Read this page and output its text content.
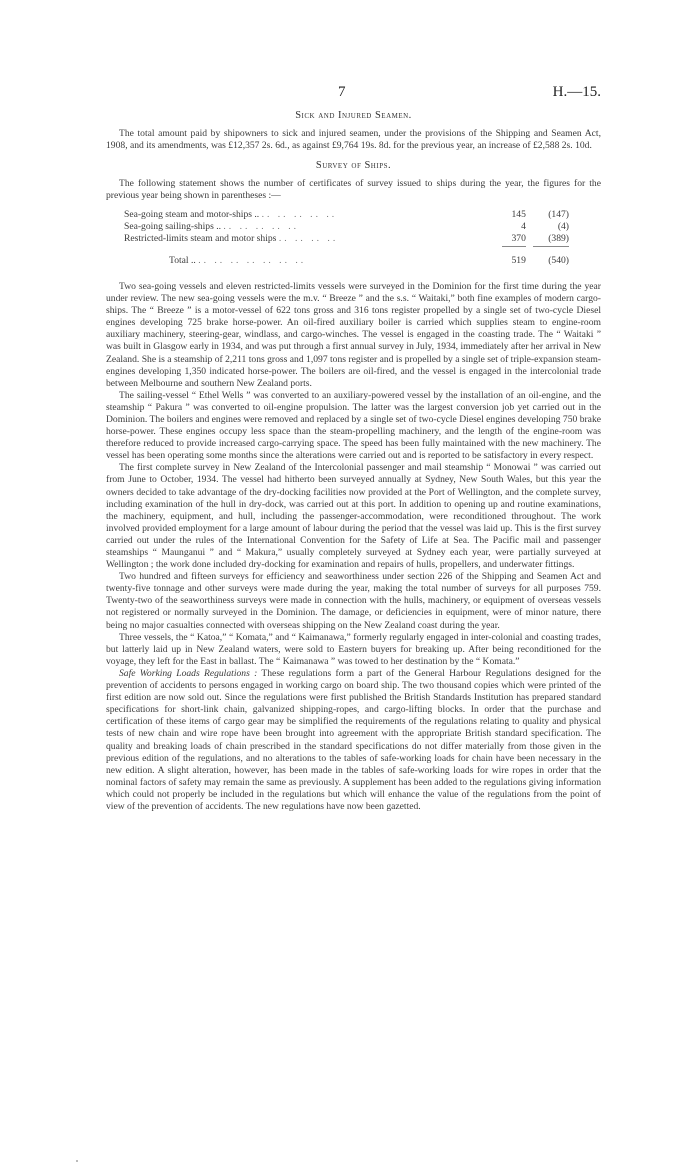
7	H.—15.
Sick and Injured Seamen.

The total amount paid by shipowners to sick and injured seamen, under the provisions of the Shipping and Seamen Act, 1908, and its amendments, was £12,357 2s. 6d., as against £9,764 19s. 8d. for the previous year, an increase of £2,588 2s. 10d.

Survey of Ships.

The following statement shows the number of certificates of survey issued to ships during the year, the figures for the previous year being shown in parentheses :—

Sea-going steam and motor-ships .. .. .. .. .. ..	145	(147)
Sea-going sailing-ships .. .. .. .. .. ..	4	(4)
Restricted-limits steam and motor ships .. .. .. ..	370	(389)

Total .. .. .. .. .. .. .. ..	519	(540)

Two sea-going vessels and eleven restricted-limits vessels were surveyed in the Dominion for the first time during the year under review. The new sea-going vessels were the m.v. “ Breeze ” and the s.s. “ Waitaki,” both fine examples of modern cargo-ships. The “ Breeze ” is a motor-vessel of 622 tons gross and 316 tons register propelled by a single set of two-cycle Diesel engines developing 725 brake horse-power. An oil-fired auxiliary boiler is carried which supplies steam to engine-room auxiliary machinery, steering-gear, windlass, and cargo-winches. The vessel is engaged in the coasting trade. The “ Waitaki ” was built in Glasgow early in 1934, and was put through a first annual survey in July, 1934, immediately after her arrival in New Zealand. She is a steamship of 2,211 tons gross and 1,097 tons register and is propelled by a single set of triple-expansion steam-engines developing 1,350 indicated horse-power. The boilers are oil-fired, and the vessel is engaged in the intercolonial trade between Melbourne and southern New Zealand ports.

The sailing-vessel “ Ethel Wells ” was converted to an auxiliary-powered vessel by the installation of an oil-engine, and the steamship “ Pakura ” was converted to oil-engine propulsion. The latter was the largest conversion job yet carried out in the Dominion. The boilers and engines were removed and replaced by a single set of two-cycle Diesel engines developing 750 brake horse-power. These engines occupy less space than the steam-propelling machinery, and the length of the engine-room was therefore reduced to provide increased cargo-carrying space. The speed has been fully maintained with the new machinery. The vessel has been operating some months since the alterations were carried out and is reported to be satisfactory in every respect.

The first complete survey in New Zealand of the Intercolonial passenger and mail steamship “ Monowai ” was carried out from June to October, 1934. The vessel had hitherto been surveyed annually at Sydney, New South Wales, but this year the owners decided to take advantage of the dry-docking facilities now provided at the Port of Wellington, and the complete survey, including examination of the hull in dry-dock, was carried out at this port. In addition to opening up and routine examinations, the machinery, equipment, and hull, including the passenger-accommodation, were reconditioned throughout. The work involved provided employment for a large amount of labour during the period that the vessel was laid up. This is the first survey carried out under the rules of the International Convention for the Safety of Life at Sea. The Pacific mail and passenger steamships “ Maunganui ” and “ Makura,” usually completely surveyed at Sydney each year, were partially surveyed at Wellington ; the work done included dry-docking for examination and repairs of hulls, propellers, and underwater fittings.

Two hundred and fifteen surveys for efficiency and seaworthiness under section 226 of the Shipping and Seamen Act and twenty-five tonnage and other surveys were made during the year, making the total number of surveys for all purposes 759. Twenty-two of the seaworthiness surveys were made in connection with the hulls, machinery, or equipment of overseas vessels not registered or normally surveyed in the Dominion. The damage, or deficiencies in equipment, were of minor nature, there being no major casualties connected with overseas shipping on the New Zealand coast during the year.

Three vessels, the “ Katoa,” “ Komata,” and “ Kaimanawa,” formerly regularly engaged in inter-colonial and coasting trades, but latterly laid up in New Zealand waters, were sold to Eastern buyers for breaking up. After being reconditioned for the voyage, they left for the East in ballast. The “ Kaimanawa ” was towed to her destination by the “ Komata.”

Safe Working Loads Regulations : These regulations form a part of the General Harbour Regulations designed for the prevention of accidents to persons engaged in working cargo on board ship. The two thousand copies which were printed of the first edition are now sold out. Since the regulations were first published the British Standards Institution has prepared standard specifications for short-link chain, galvanized shipping-ropes, and cargo-lifting blocks. In order that the purchase and certification of these items of cargo gear may be simplified the requirements of the regulations relating to quality and physical tests of new chain and wire rope have been brought into agreement with the appropriate British standard specification. The quality and breaking loads of chain prescribed in the standard specifications do not differ materially from those given in the previous edition of the regulations, and no alterations to the tables of safe-working loads for chain have been necessary in the new edition. A slight alteration, however, has been made in the tables of safe-working loads for wire ropes in order that the nominal factors of safety may remain the same as previously. A supplement has been added to the regulations giving information which could not properly be included in the regulations but which will enhance the value of the regulations from the point of view of the prevention of accidents. The new regulations have now been gazetted.
